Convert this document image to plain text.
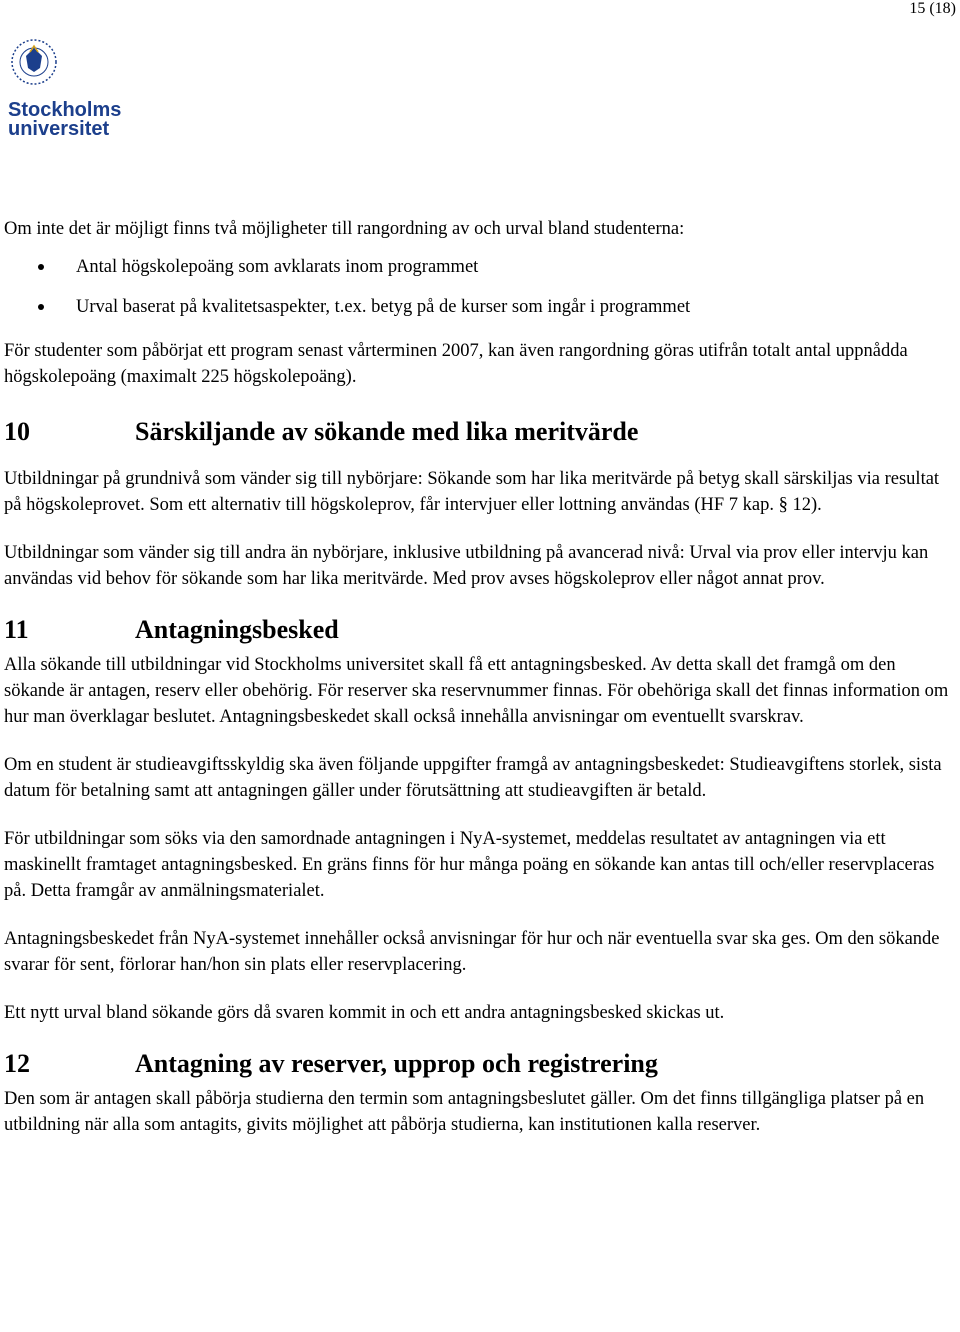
15 (18)
Stockholms
universitet

Om inte det är möjligt finns två möjligheter till rangordning av och urval bland studenterna:

Antal högskolepoäng som avklarats inom programmet
Urval baserat på kvalitetsaspekter, t.ex. betyg på de kurser som ingår i programmet

För studenter som påbörjat ett program senast vårterminen 2007, kan även rangordning göras utifrån totalt antal uppnådda högskolepoäng (maximalt 225 högskolepoäng).

10	Särskiljande av sökande med lika meritvärde

Utbildningar på grundnivå som vänder sig till nybörjare: Sökande som har lika meritvärde på betyg skall särskiljas via resultat på högskoleprovet. Som ett alternativ till högskoleprov, får intervjuer eller lottning användas (HF 7 kap. § 12).

Utbildningar som vänder sig till andra än nybörjare, inklusive utbildning på avancerad nivå: Urval via prov eller intervju kan användas vid behov för sökande som har lika meritvärde. Med prov avses högskoleprov eller något annat prov.

11	Antagningsbesked

Alla sökande till utbildningar vid Stockholms universitet skall få ett antagningsbesked. Av detta skall det framgå om den sökande är antagen, reserv eller obehörig. För reserver ska reservnummer finnas. För obehöriga skall det finnas information om hur man överklagar beslutet. Antagningsbeskedet skall också innehålla anvisningar om eventuellt svarskrav.

Om en student är studieavgiftsskyldig ska även följande uppgifter framgå av antagningsbeskedet: Studieavgiftens storlek, sista datum för betalning samt att antagningen gäller under förutsättning att studieavgiften är betald.

För utbildningar som söks via den samordnade antagningen i NyA-systemet, meddelas resultatet av antagningen via ett maskinellt framtaget antagningsbesked. En gräns finns för hur många poäng en sökande kan antas till och/eller reservplaceras på. Detta framgår av anmälningsmaterialet.

Antagningsbeskedet från NyA-systemet innehåller också anvisningar för hur och när eventuella svar ska ges. Om den sökande svarar för sent, förlorar han/hon sin plats eller reservplacering.

Ett nytt urval bland sökande görs då svaren kommit in och ett andra antagningsbesked skickas ut.

12	Antagning av reserver, upprop och registrering

Den som är antagen skall påbörja studierna den termin som antagningsbeslutet gäller. Om det finns tillgängliga platser på en utbildning när alla som antagits, givits möjlighet att påbörja studierna, kan institutionen kalla reserver.
